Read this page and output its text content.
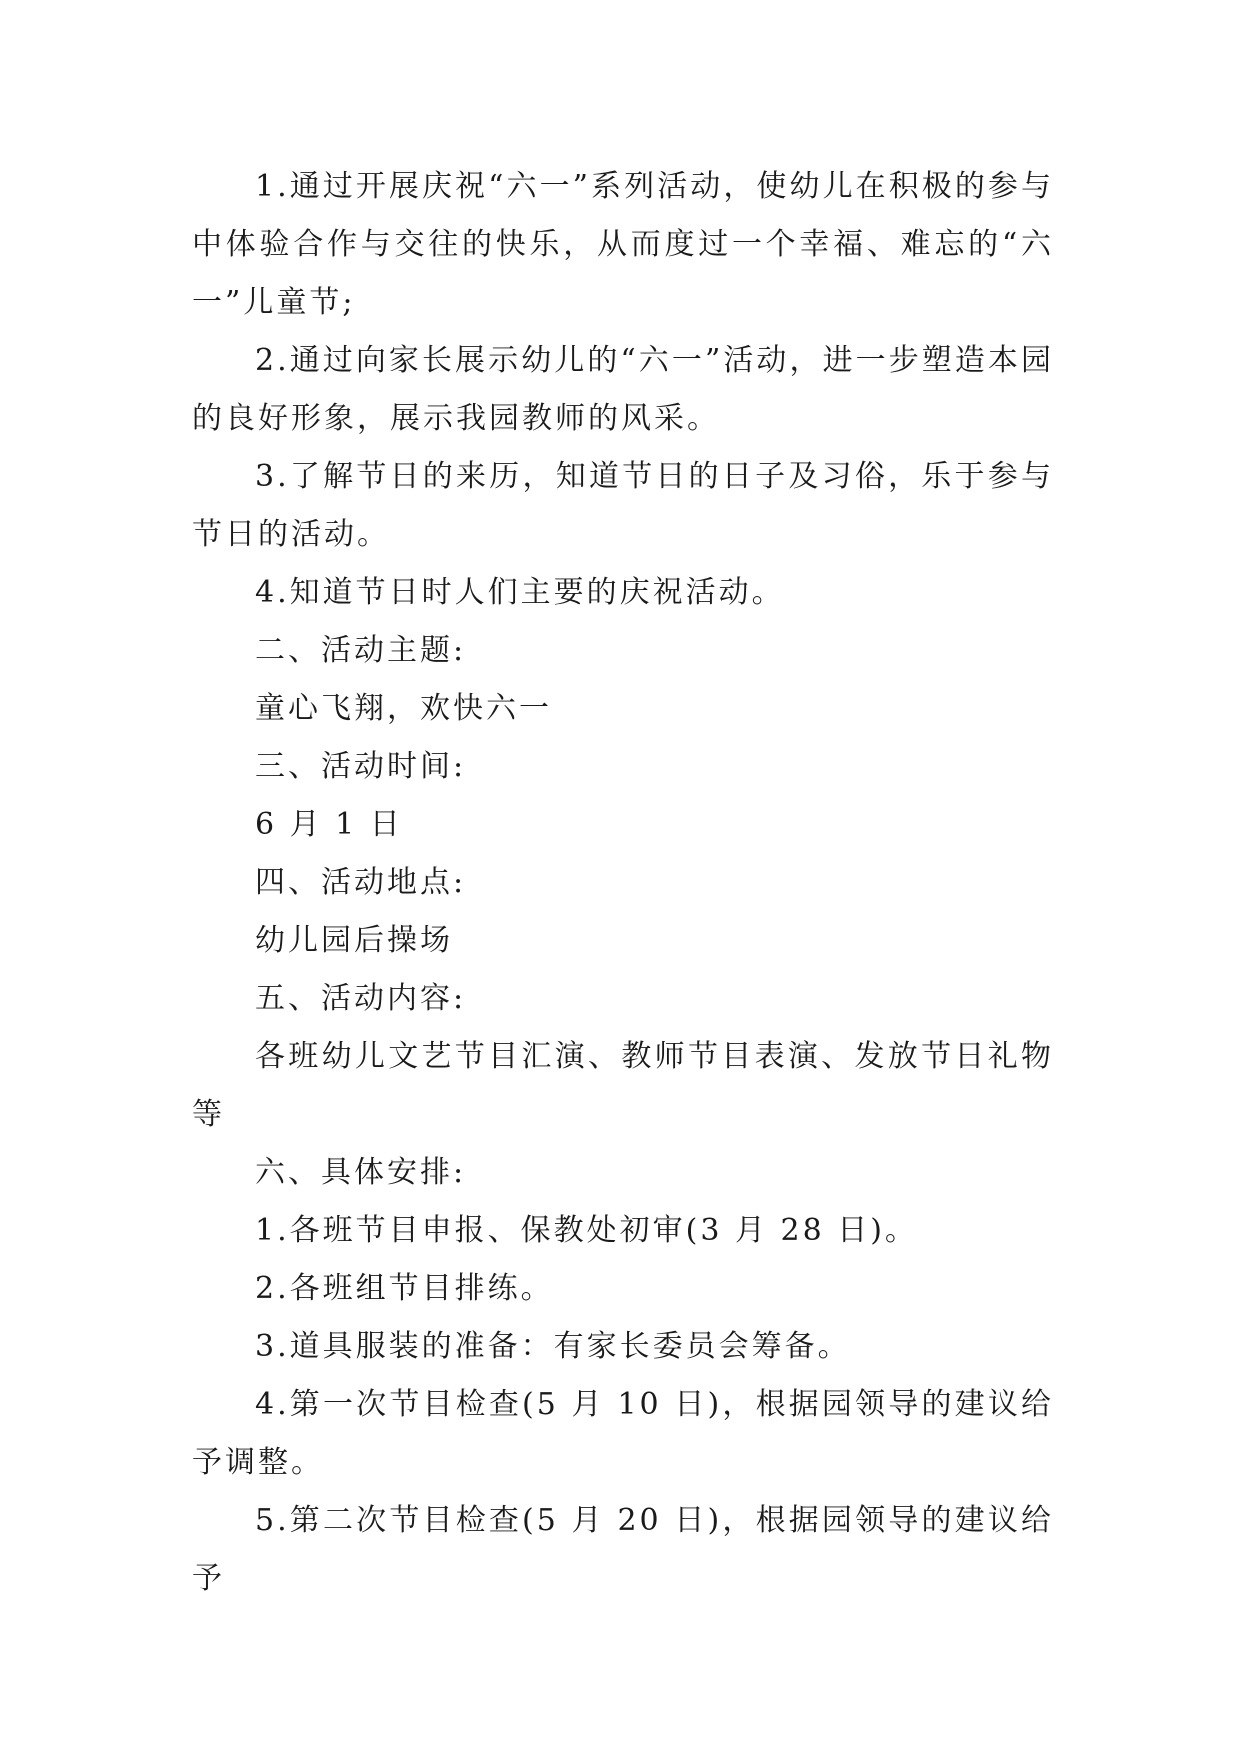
1.通过开展庆祝“六一”系列活动，使幼儿在积极的参与中体验合作与交往的快乐，从而度过一个幸福、难忘的“六一”儿童节;

2.通过向家长展示幼儿的“六一”活动，进一步塑造本园的良好形象，展示我园教师的风采。

3.了解节日的来历，知道节日的日子及习俗，乐于参与节日的活动。

4.知道节日时人们主要的庆祝活动。

二、活动主题:

童心飞翔，欢快六一

三、活动时间:

6 月 1 日

四、活动地点:

幼儿园后操场

五、活动内容:

各班幼儿文艺节目汇演、教师节目表演、发放节日礼物等

六、具体安排:

1.各班节目申报、保教处初审(3 月 28 日)。

2.各班组节目排练。

3.道具服装的准备：有家长委员会筹备。

4.第一次节目检查(5 月 10 日)，根据园领导的建议给予调整。

5.第二次节目检查(5 月 20 日)，根据园领导的建议给予
